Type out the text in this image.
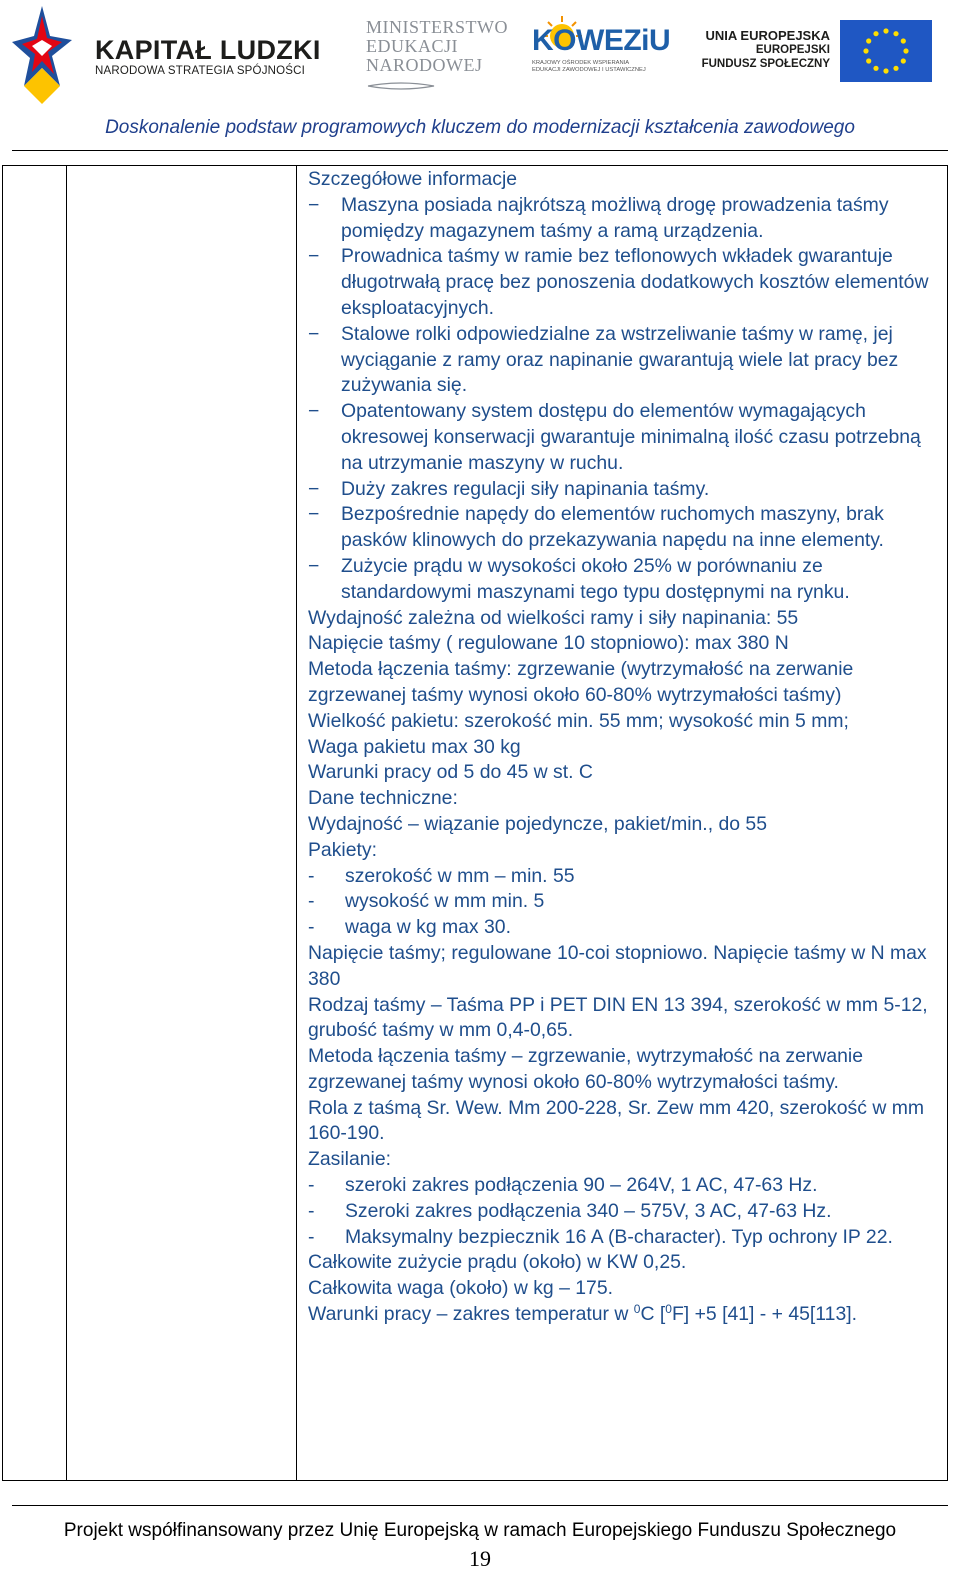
KAPITAŁ LUDZKI
NARODOWA STRATEGIA SPÓJNOŚCI
MINISTERSTWO
EDUKACJI
NARODOWEJ
KOWEZiU
KRAJOWY OŚRODEK WSPIERANIA EDUKACJI ZAWODOWEJ I USTAWICZNEJ
UNIA EUROPEJSKA
EUROPEJSKI
FUNDUSZ SPOŁECZNY
Doskonalenie podstaw programowych kluczem do modernizacji kształcenia zawodowego

Szczegółowe informacje

− Maszyna posiada najkrótszą możliwą drogę prowadzenia taśmy pomiędzy magazynem taśmy a ramą urządzenia.

− Prowadnica taśmy w ramie bez teflonowych wkładek gwarantuje długotrwałą pracę bez ponoszenia dodatkowych kosztów elementów eksploatacyjnych.

− Stalowe rolki odpowiedzialne za wstrzeliwanie taśmy w ramę, jej wyciąganie z ramy oraz napinanie gwarantują wiele lat pracy bez zużywania się.

− Opatentowany system dostępu do elementów wymagających okresowej konserwacji gwarantuje minimalną ilość czasu potrzebną na utrzymanie maszyny w ruchu.

− Duży zakres regulacji siły napinania taśmy.

− Bezpośrednie napędy do elementów ruchomych maszyny, brak pasków klinowych do przekazywania napędu na inne elementy.

− Zużycie prądu w wysokości około 25% w porównaniu ze standardowymi maszynami tego typu dostępnymi na rynku.

Wydajność zależna od wielkości ramy i siły napinania: 55

Napięcie taśmy ( regulowane 10 stopniowo): max 380 N

Metoda łączenia taśmy: zgrzewanie (wytrzymałość na zerwanie zgrzewanej taśmy wynosi około 60-80% wytrzymałości taśmy)

Wielkość pakietu: szerokość min. 55 mm; wysokość min 5 mm;

Waga pakietu max 30 kg

Warunki pracy od 5 do 45 w st. C

Dane techniczne:

Wydajność – wiązanie pojedyncze, pakiet/min., do 55

Pakiety:

- szerokość w mm – min. 55

- wysokość w mm min. 5

- waga w kg max 30.

Napięcie taśmy; regulowane 10-coi stopniowo. Napięcie taśmy w N max 380

Rodzaj taśmy – Taśma PP i PET DIN EN 13 394, szerokość w mm 5-12, grubość taśmy w mm 0,4-0,65.

Metoda łączenia taśmy – zgrzewanie, wytrzymałość na zerwanie zgrzewanej taśmy wynosi około 60-80% wytrzymałości taśmy.

Rola z taśmą Sr. Wew. Mm 200-228, Sr. Zew mm 420, szerokość w mm 160-190.

Zasilanie:

- szeroki zakres podłączenia 90 – 264V, 1 AC, 47-63 Hz.

- Szeroki zakres podłączenia 340 – 575V, 3 AC, 47-63 Hz.

- Maksymalny bezpiecznik 16 A (B-character). Typ ochrony IP 22.

Całkowite zużycie prądu (około) w KW 0,25.

Całkowita waga (około) w kg – 175.

Warunki pracy – zakres temperatur w $^0$C [$^0$F] +5 [41] - + 45[113].

Projekt współfinansowany przez Unię Europejską w ramach Europejskiego Funduszu Społecznego
19
